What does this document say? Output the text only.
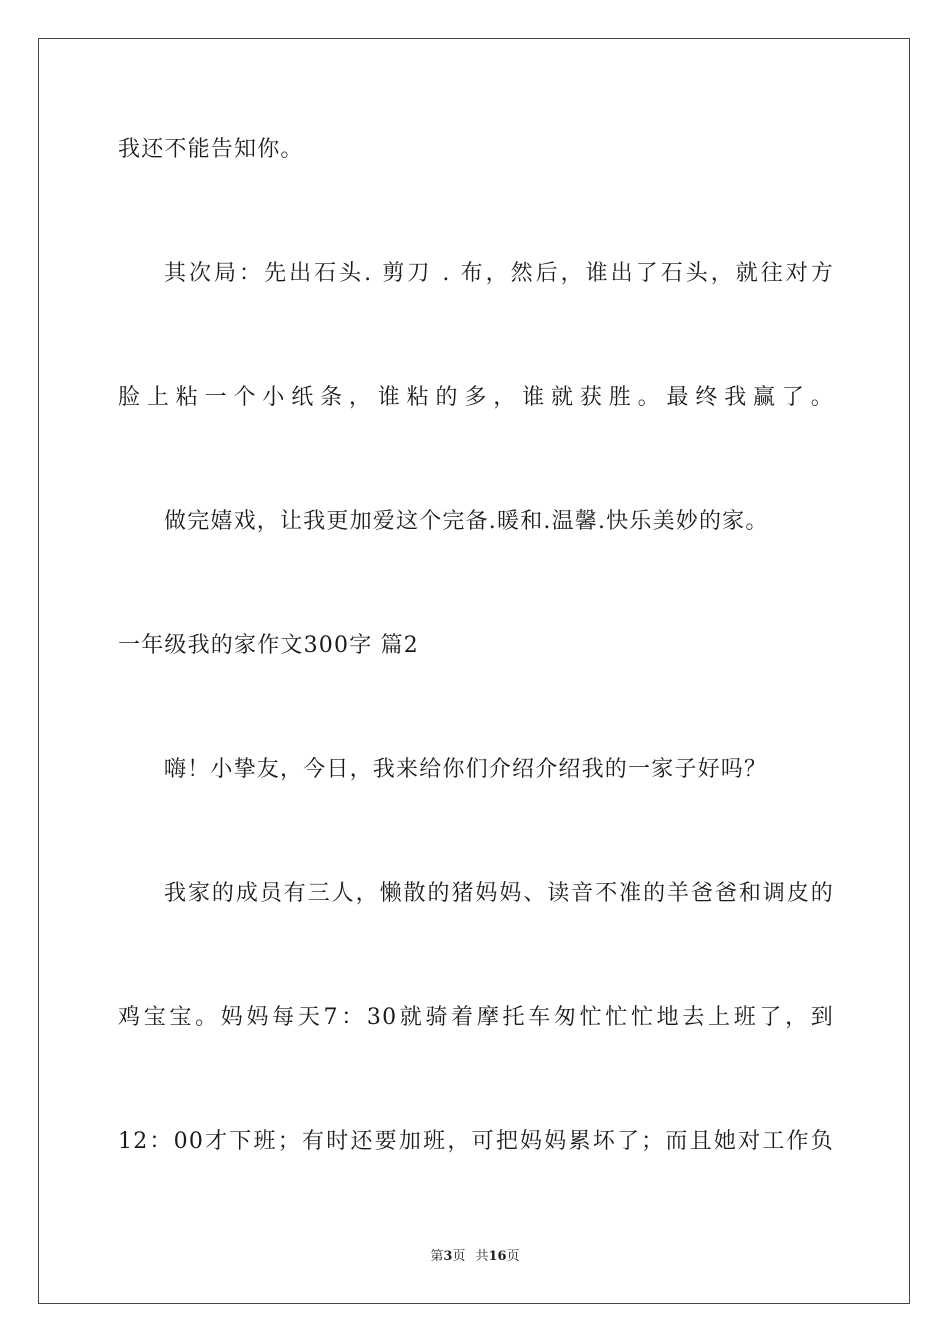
我还不能告知你。
其次局：先出石头. 剪刀 . 布，然后，谁出了石头，就往对方
脸上粘一个小纸条，谁粘的多，谁就获胜。最终我赢了。
做完嬉戏，让我更加爱这个完备.暖和.温馨.快乐美妙的家。
一年级我的家作文300字 篇2
嗨！小挚友，今日，我来给你们介绍介绍我的一家子好吗？
我家的成员有三人，懒散的猪妈妈、读音不准的羊爸爸和调皮的
鸡宝宝。妈妈每天7：30就骑着摩托车匆忙忙忙地去上班了，到
12：00才下班；有时还要加班，可把妈妈累坏了；而且她对工作负
第3页 共16页
